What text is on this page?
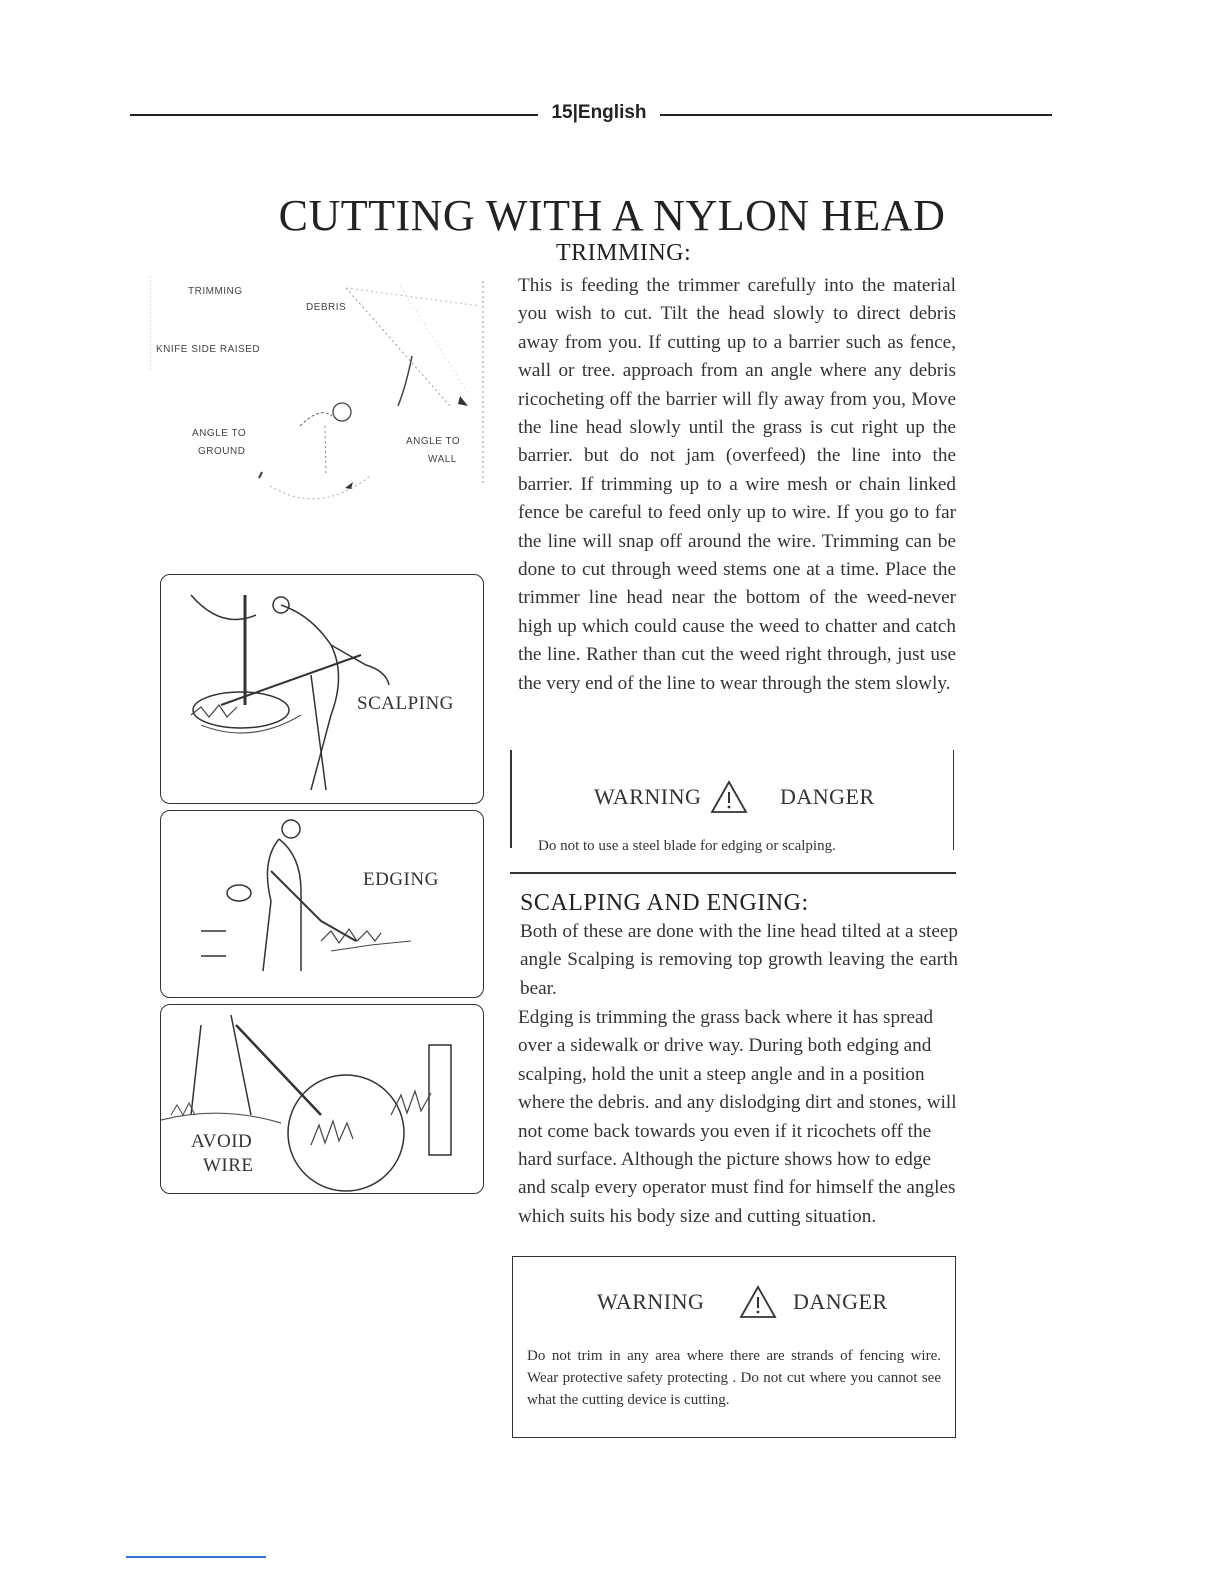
15|English
CUTTING WITH A NYLON HEAD
TRIMMING:
This is feeding the trimmer carefully into the material you wish to cut. Tilt the head slowly to direct debris away from you. If cutting up to a barrier such as fence, wall or tree. approach from an angle where any debris ricocheting off the barrier will fly away from you, Move the line head slowly until the grass is cut right up the barrier. but do not jam (overfeed) the line into the barrier. If trimming up to a wire mesh or chain linked fence be careful to feed only up to wire. If you go to far the line will snap off around the wire. Trimming can be done to cut through weed stems one at a time. Place the trimmer line head near the bottom of the weed-never high up which could cause the weed to chatter and catch the line. Rather than cut the weed right through, just use the very end of the line to wear through the stem slowly.
TRIMMING
DEBRIS
KNIFE SIDE RAISED
ANGLE TO
GROUND
ANGLE TO
WALL
SCALPING
EDGING
AVOID
WIRE
WARNING	DANGER
Do not to use a steel blade for edging or scalping.
SCALPING AND ENGING:
Both of these are done with the line head tilted at a steep angle Scalping is removing top growth leaving the earth bear.
Edging is trimming the grass back where it has spread over a sidewalk or drive way. During both edging and scalping, hold the unit a steep angle and in a position where the debris. and any dislodging dirt and stones, will not come back towards you even if it ricochets off the hard surface. Although the picture shows how to edge and scalp every operator must find for himself the angles which suits his body size and cutting situation.
WARNING	DANGER
Do not trim in any area where there are strands of fencing wire. Wear protective safety protecting . Do not cut where you cannot see what the cutting device is cutting.
